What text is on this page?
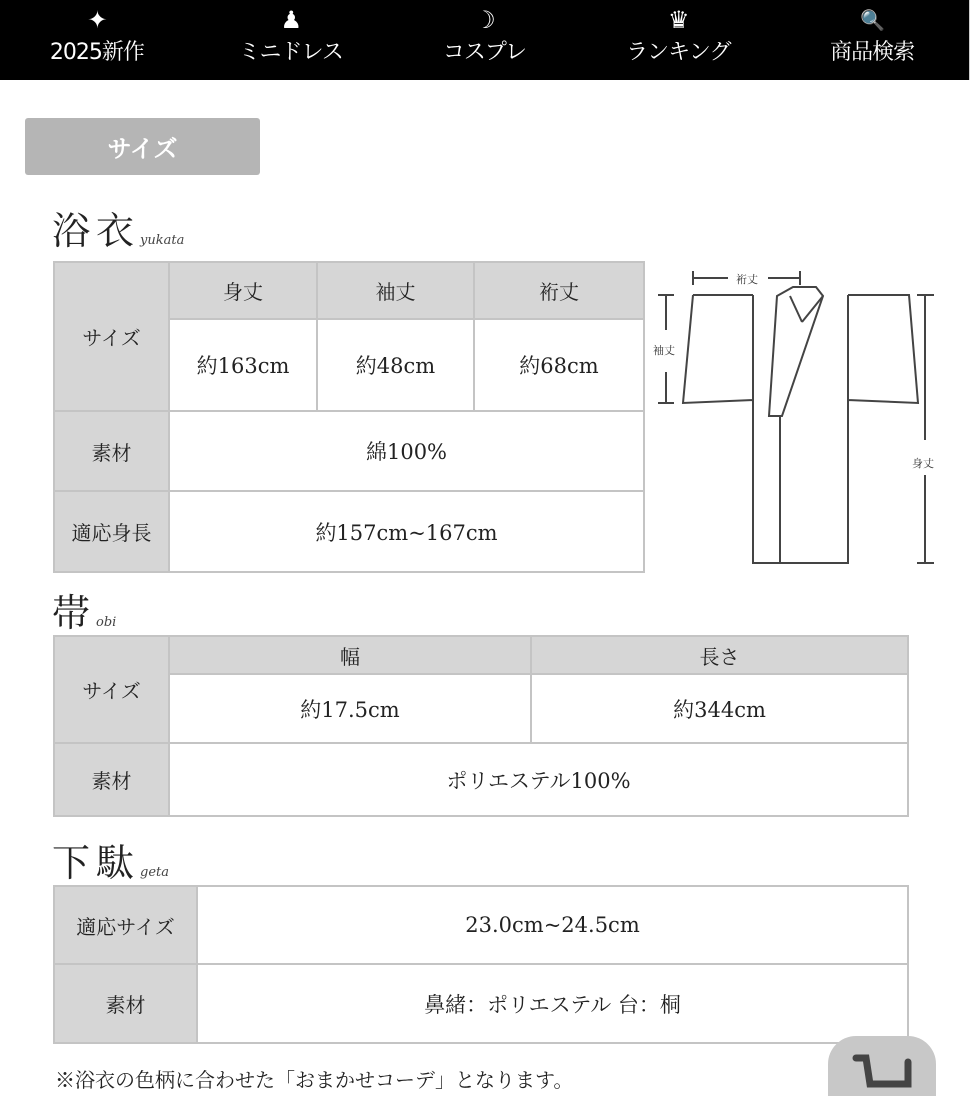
✦
2025新作
♟
ミニドレス
☽
コスプレ
♛
ランキング
🔍
商品検索
サイズ
浴衣yukata
サイズ	身丈	袖丈	裄丈
	約163cm	約48cm	約68cm
素材	綿100%		
適応身長	約157cm~167cm		
裄丈
袖丈
身丈
帯obi
サイズ	幅	長さ
	約17.5cm	約344cm
素材	ポリエステル100%	
下駄geta
適応サイズ	23.0cm~24.5cm
素材	鼻緒：ポリエステル 台：桐
※浴衣の色柄に合わせた「おまかせコーデ」となります。
